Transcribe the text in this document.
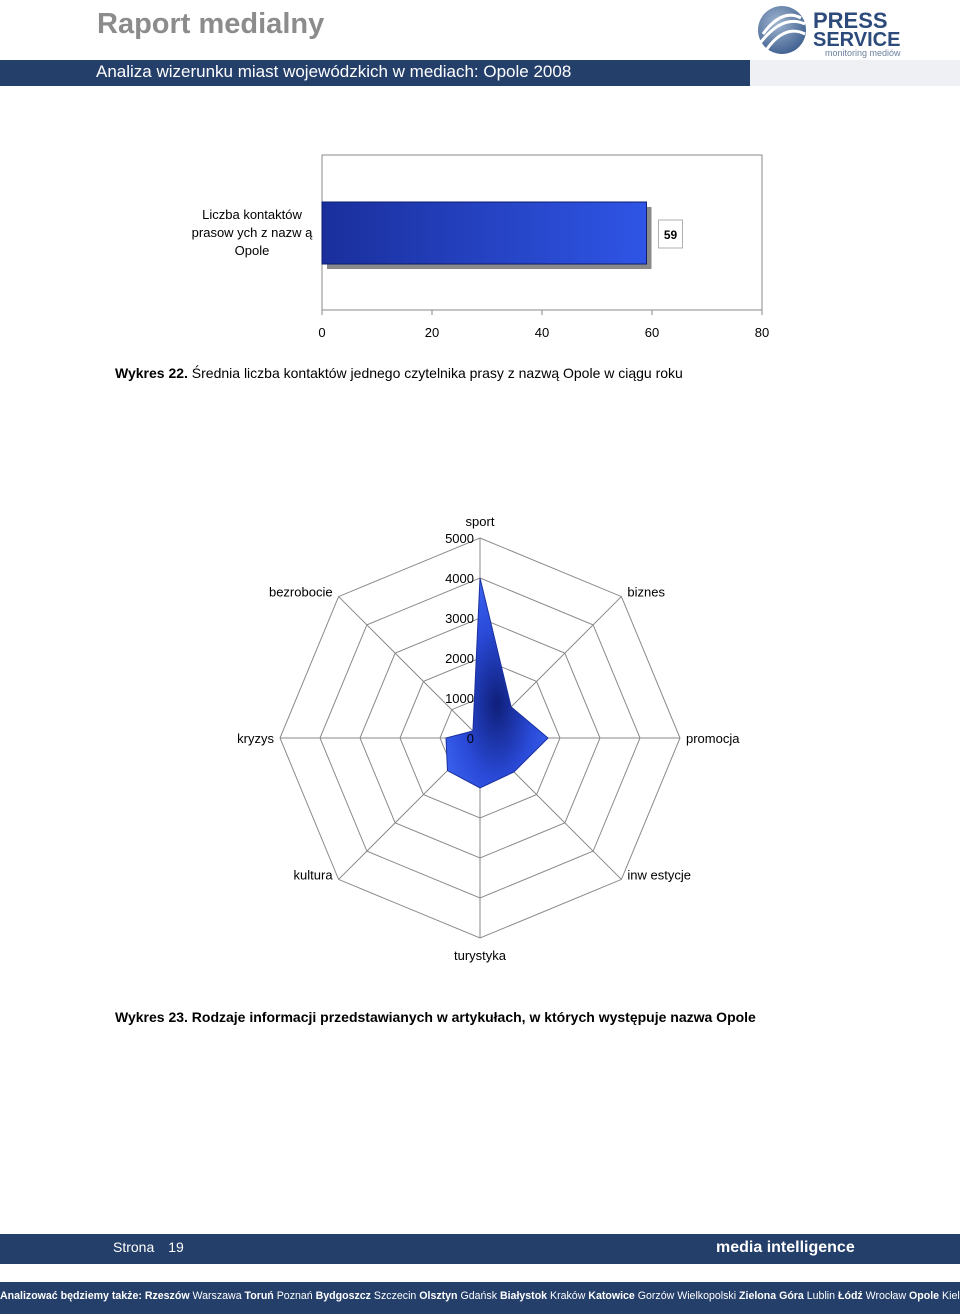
Raport medialny
Analiza wizerunku miast wojewódzkich w mediach: Opole 2008
PRESS
SERVICE
monitoring mediów
0	20	40	60	80
59
Liczba kontaktów
prasow ych z nazw ą
Opole
Wykres 22. Średnia liczba kontaktów jednego czytelnika prasy z nazwą Opole w ciągu roku
0
1000
2000
3000
4000
5000
sport
biznes
promocja
inw estycje
turystyka
kultura
kryzys
bezrobocie
Wykres 23. Rodzaje informacji przedstawianych w artykułach, w których występuje nazwa Opole
Strona 19	media intelligence
Analizować będziemy także: Rzeszów Warszawa Toruń Poznań Bydgoszcz Szczecin Olsztyn Gdańsk Białystok Kraków Katowice Gorzów Wielkopolski Zielona Góra Lublin Łódź Wrocław Opole Kielce
